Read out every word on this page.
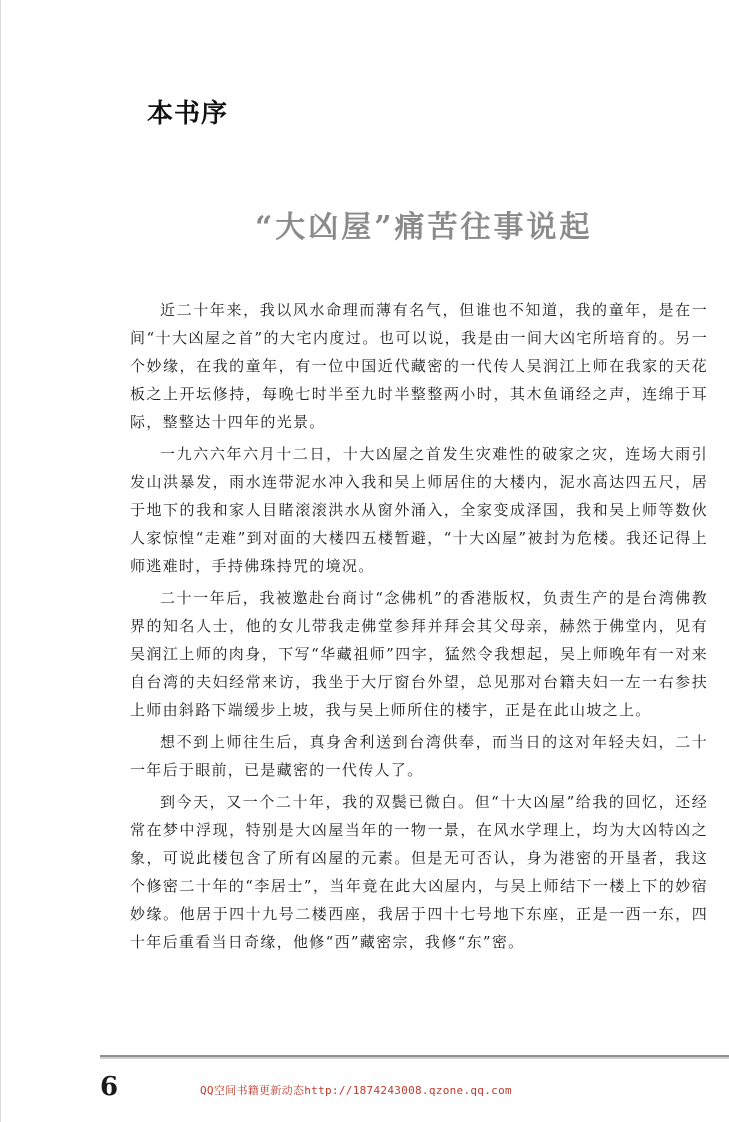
本书序
“大凶屋”痛苦往事说起

近二十年来，我以风水命理而薄有名气，但谁也不知道，我的童年，是在一间“十大凶屋之首”的大宅内度过。也可以说，我是由一间大凶宅所培育的。另一个妙缘，在我的童年，有一位中国近代藏密的一代传人吴润江上师在我家的天花板之上开坛修持，每晚七时半至九时半整整两小时，其木鱼诵经之声，连绵于耳际，整整达十四年的光景。

一九六六年六月十二日，十大凶屋之首发生灾难性的破家之灾，连场大雨引发山洪暴发，雨水连带泥水冲入我和吴上师居住的大楼内，泥水高达四五尺，居于地下的我和家人目睹滚滚洪水从窗外涌入，全家变成泽国，我和吴上师等数伙人家惊惶“走难”到对面的大楼四五楼暂避，“十大凶屋”被封为危楼。我还记得上师逃难时，手持佛珠持咒的境况。

二十一年后，我被邀赴台商讨“念佛机”的香港版权，负责生产的是台湾佛教界的知名人士，他的女儿带我走佛堂参拜并拜会其父母亲，赫然于佛堂内，见有吴润江上师的肉身，下写“华藏祖师”四字，猛然令我想起，吴上师晚年有一对来自台湾的夫妇经常来访，我坐于大厅窗台外望，总见那对台籍夫妇一左一右参扶上师由斜路下端缓步上坡，我与吴上师所住的楼宇，正是在此山坡之上。

想不到上师往生后，真身舍利送到台湾供奉，而当日的这对年轻夫妇，二十一年后于眼前，已是藏密的一代传人了。

到今天，又一个二十年，我的双鬓已微白。但“十大凶屋”给我的回忆，还经常在梦中浮现，特别是大凶屋当年的一物一景，在风水学理上，均为大凶特凶之象，可说此楼包含了所有凶屋的元素。但是无可否认，身为港密的开垦者，我这个修密二十年的“李居士”，当年竟在此大凶屋内，与吴上师结下一楼上下的妙宿妙缘。他居于四十九号二楼西座，我居于四十七号地下东座，正是一西一东，四十年后重看当日奇缘，他修“西”藏密宗，我修“东”密。

6	QQ空间书籍更新动态http://1874243008.qzone.qq.com
